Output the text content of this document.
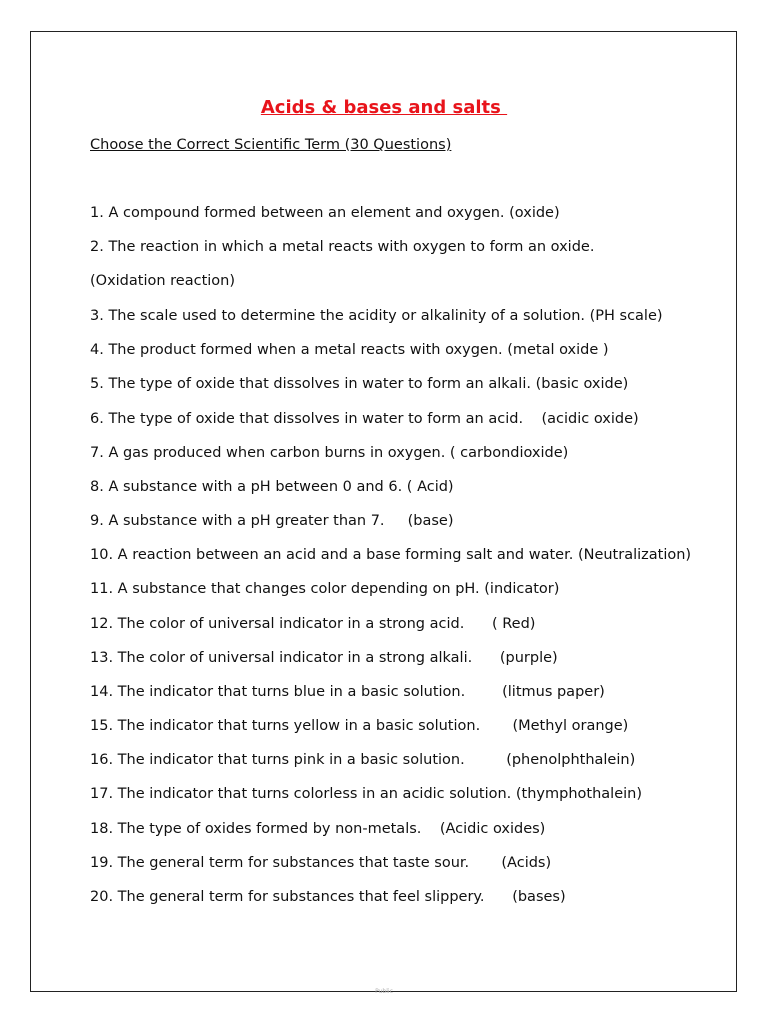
Acids & bases and salts
Choose the Correct Scientific Term (30 Questions)
1. A compound formed between an element and oxygen. (oxide)
2. The reaction in which a metal reacts with oxygen to form an oxide.
(Oxidation reaction)
3. The scale used to determine the acidity or alkalinity of a solution. (PH scale)
4. The product formed when a metal reacts with oxygen. (metal oxide )
5. The type of oxide that dissolves in water to form an alkali. (basic oxide)
6. The type of oxide that dissolves in water to form an acid.    (acidic oxide)
7. A gas produced when carbon burns in oxygen. ( carbondioxide)
8. A substance with a pH between 0 and 6. ( Acid)
9. A substance with a pH greater than 7.     (base)
10. A reaction between an acid and a base forming salt and water. (Neutralization)
11. A substance that changes color depending on pH. (indicator)
12. The color of universal indicator in a strong acid.      ( Red)
13. The color of universal indicator in a strong alkali.      (purple)
14. The indicator that turns blue in a basic solution.        (litmus paper)
15. The indicator that turns yellow in a basic solution.       (Methyl orange)
16. The indicator that turns pink in a basic solution.         (phenolphthalein)
17. The indicator that turns colorless in an acidic solution. (thymphothalein)
18. The type of oxides formed by non-metals.    (Acidic oxides)
19. The general term for substances that taste sour.       (Acids)
20. The general term for substances that feel slippery.      (bases)
Public
